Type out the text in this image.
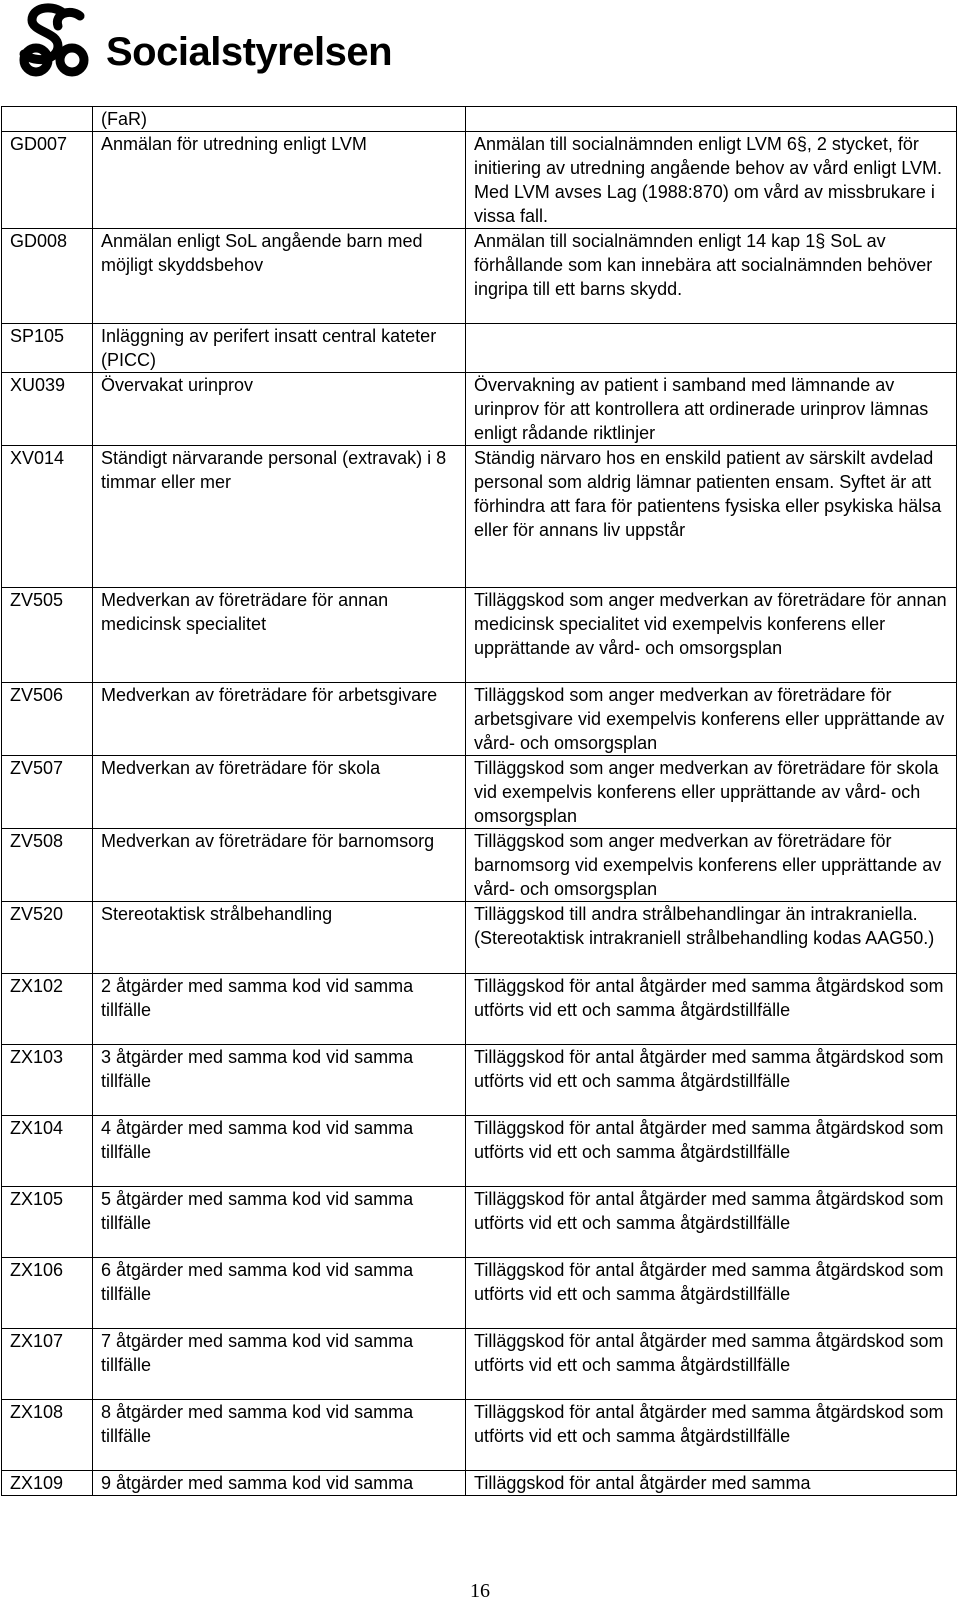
Socialstyrelsen
	(FaR)	
GD007	Anmälan för utredning enligt LVM	Anmälan till socialnämnden enligt LVM 6§, 2 stycket, för initiering av utredning angående behov av vård enligt LVM. Med LVM avses Lag (1988:870) om vård av missbrukare i vissa fall.
GD008	Anmälan enligt SoL angående barn med möjligt skyddsbehov	Anmälan till socialnämnden enligt 14 kap 1§ SoL av förhållande som kan innebära att socialnämnden behöver ingripa till ett barns skydd.
SP105	Inläggning av perifert insatt central kateter (PICC)	
XU039	Övervakat urinprov	Övervakning av patient i samband med lämnande av urinprov för att kontrollera att ordinerade urinprov lämnas enligt rådande riktlinjer
XV014	Ständigt närvarande personal (extravak) i 8 timmar eller mer	Ständig närvaro hos en enskild patient av särskilt avdelad personal som aldrig lämnar patienten ensam. Syftet är att förhindra att fara för patientens fysiska eller psykiska hälsa eller för annans liv uppstår
ZV505	Medverkan av företrädare för annan medicinsk specialitet	Tilläggskod som anger medverkan av företrädare för annan medicinsk specialitet vid exempelvis konferens eller upprättande av vård- och omsorgsplan
ZV506	Medverkan av företrädare för arbetsgivare	Tilläggskod som anger medverkan av företrädare för arbetsgivare vid exempelvis konferens eller upprättande av vård- och omsorgsplan
ZV507	Medverkan av företrädare för skola	Tilläggskod som anger medverkan av företrädare för skola vid exempelvis konferens eller upprättande av vård- och omsorgsplan
ZV508	Medverkan av företrädare för barnomsorg	Tilläggskod som anger medverkan av företrädare för barnomsorg vid exempelvis konferens eller upprättande av vård- och omsorgsplan
ZV520	Stereotaktisk strålbehandling	Tilläggskod till andra strålbehandlingar än intrakraniella. (Stereotaktisk intrakraniell strålbehandling kodas AAG50.)
ZX102	2 åtgärder med samma kod vid samma tillfälle	Tilläggskod för antal åtgärder med samma åtgärdskod som utförts vid ett och samma åtgärdstillfälle
ZX103	3 åtgärder med samma kod vid samma tillfälle	Tilläggskod för antal åtgärder med samma åtgärdskod som utförts vid ett och samma åtgärdstillfälle
ZX104	4 åtgärder med samma kod vid samma tillfälle	Tilläggskod för antal åtgärder med samma åtgärdskod som utförts vid ett och samma åtgärdstillfälle
ZX105	5 åtgärder med samma kod vid samma tillfälle	Tilläggskod för antal åtgärder med samma åtgärdskod som utförts vid ett och samma åtgärdstillfälle
ZX106	6 åtgärder med samma kod vid samma tillfälle	Tilläggskod för antal åtgärder med samma åtgärdskod som utförts vid ett och samma åtgärdstillfälle
ZX107	7 åtgärder med samma kod vid samma tillfälle	Tilläggskod för antal åtgärder med samma åtgärdskod som utförts vid ett och samma åtgärdstillfälle
ZX108	8 åtgärder med samma kod vid samma tillfälle	Tilläggskod för antal åtgärder med samma åtgärdskod som utförts vid ett och samma åtgärdstillfälle
ZX109	9 åtgärder med samma kod vid samma	Tilläggskod för antal åtgärder med samma
16
